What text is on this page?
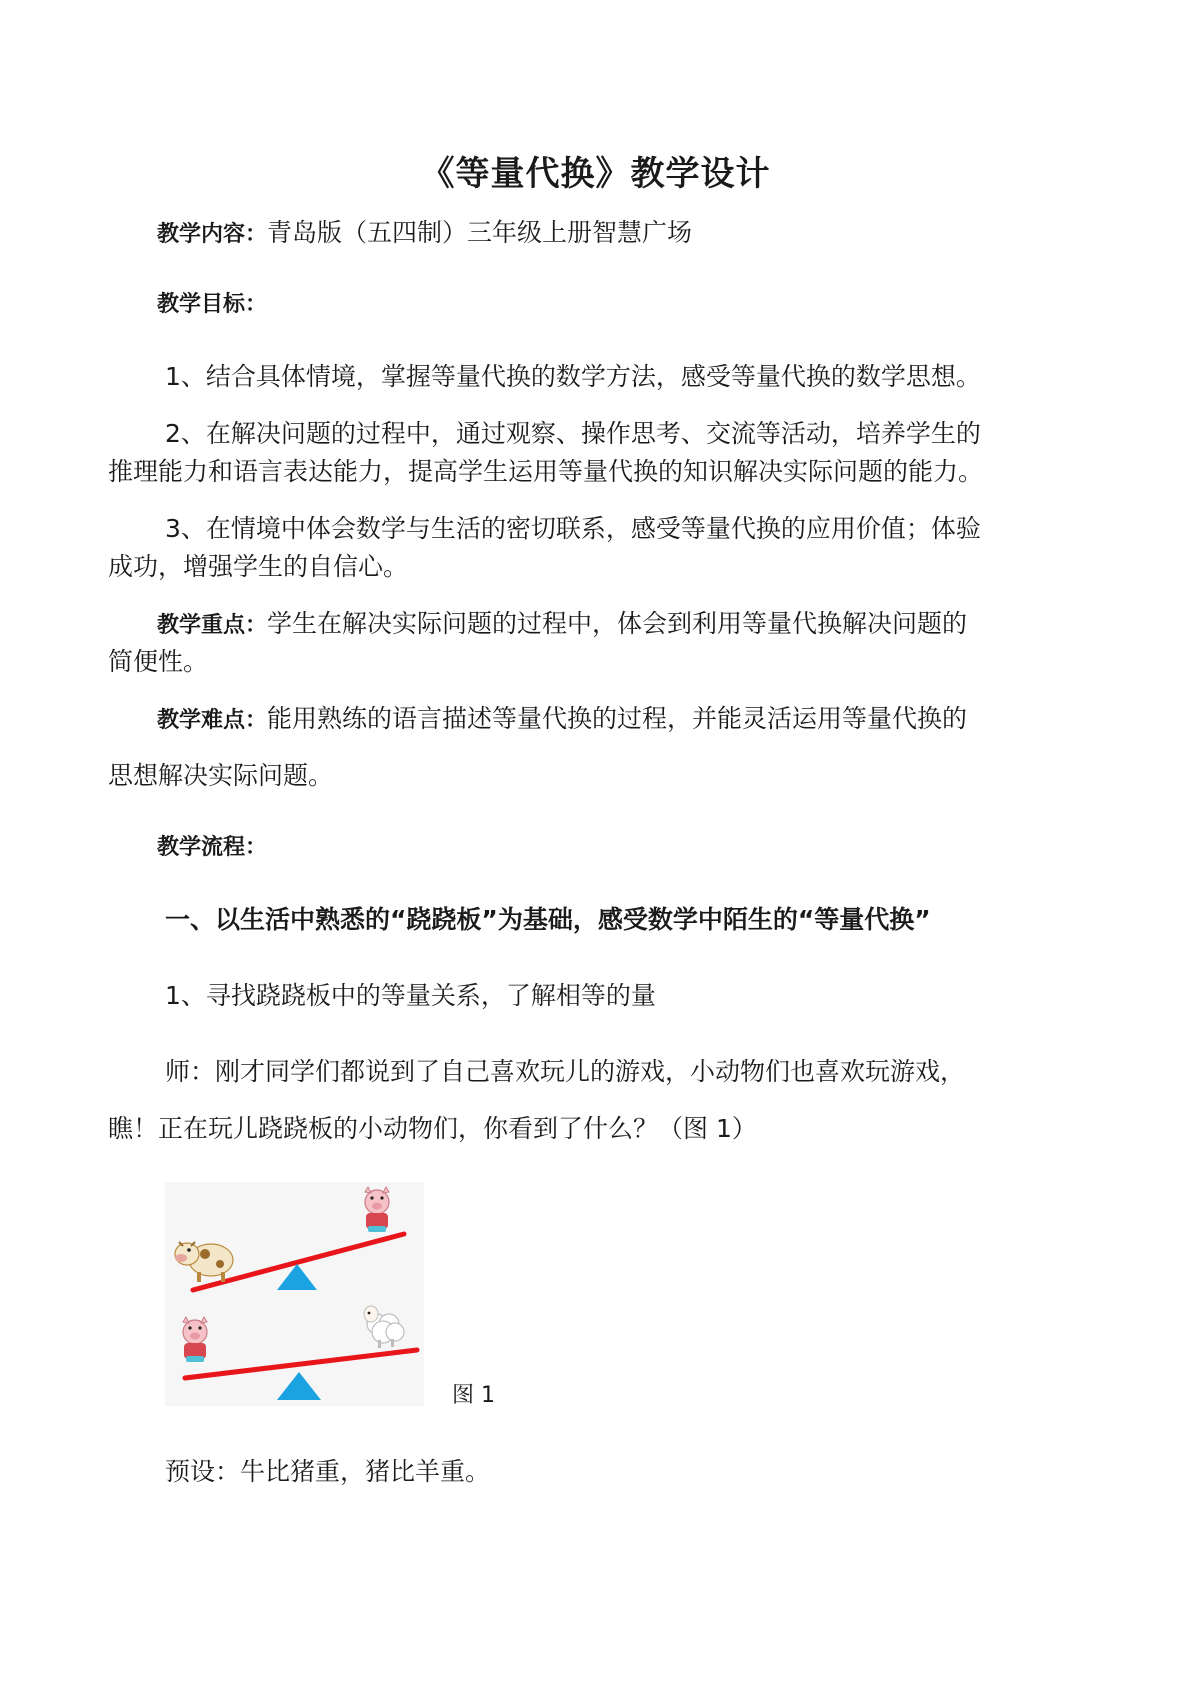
《等量代换》教学设计
教学内容：青岛版（五四制）三年级上册智慧广场
教学目标：
1、结合具体情境，掌握等量代换的数学方法，感受等量代换的数学思想。
2、在解决问题的过程中，通过观察、操作思考、交流等活动，培养学生的
推理能力和语言表达能力，提高学生运用等量代换的知识解决实际问题的能力。
3、在情境中体会数学与生活的密切联系，感受等量代换的应用价值；体验
成功，增强学生的自信心。
教学重点：学生在解决实际问题的过程中，体会到利用等量代换解决问题的
简便性。
教学难点：能用熟练的语言描述等量代换的过程，并能灵活运用等量代换的
思想解决实际问题。
教学流程：
一、以生活中熟悉的“跷跷板”为基础，感受数学中陌生的“等量代换”
1、寻找跷跷板中的等量关系，了解相等的量
师：刚才同学们都说到了自己喜欢玩儿的游戏，小动物们也喜欢玩游戏，
瞧！正在玩儿跷跷板的小动物们，你看到了什么？（图 1）
图 1
预设：牛比猪重，猪比羊重。
